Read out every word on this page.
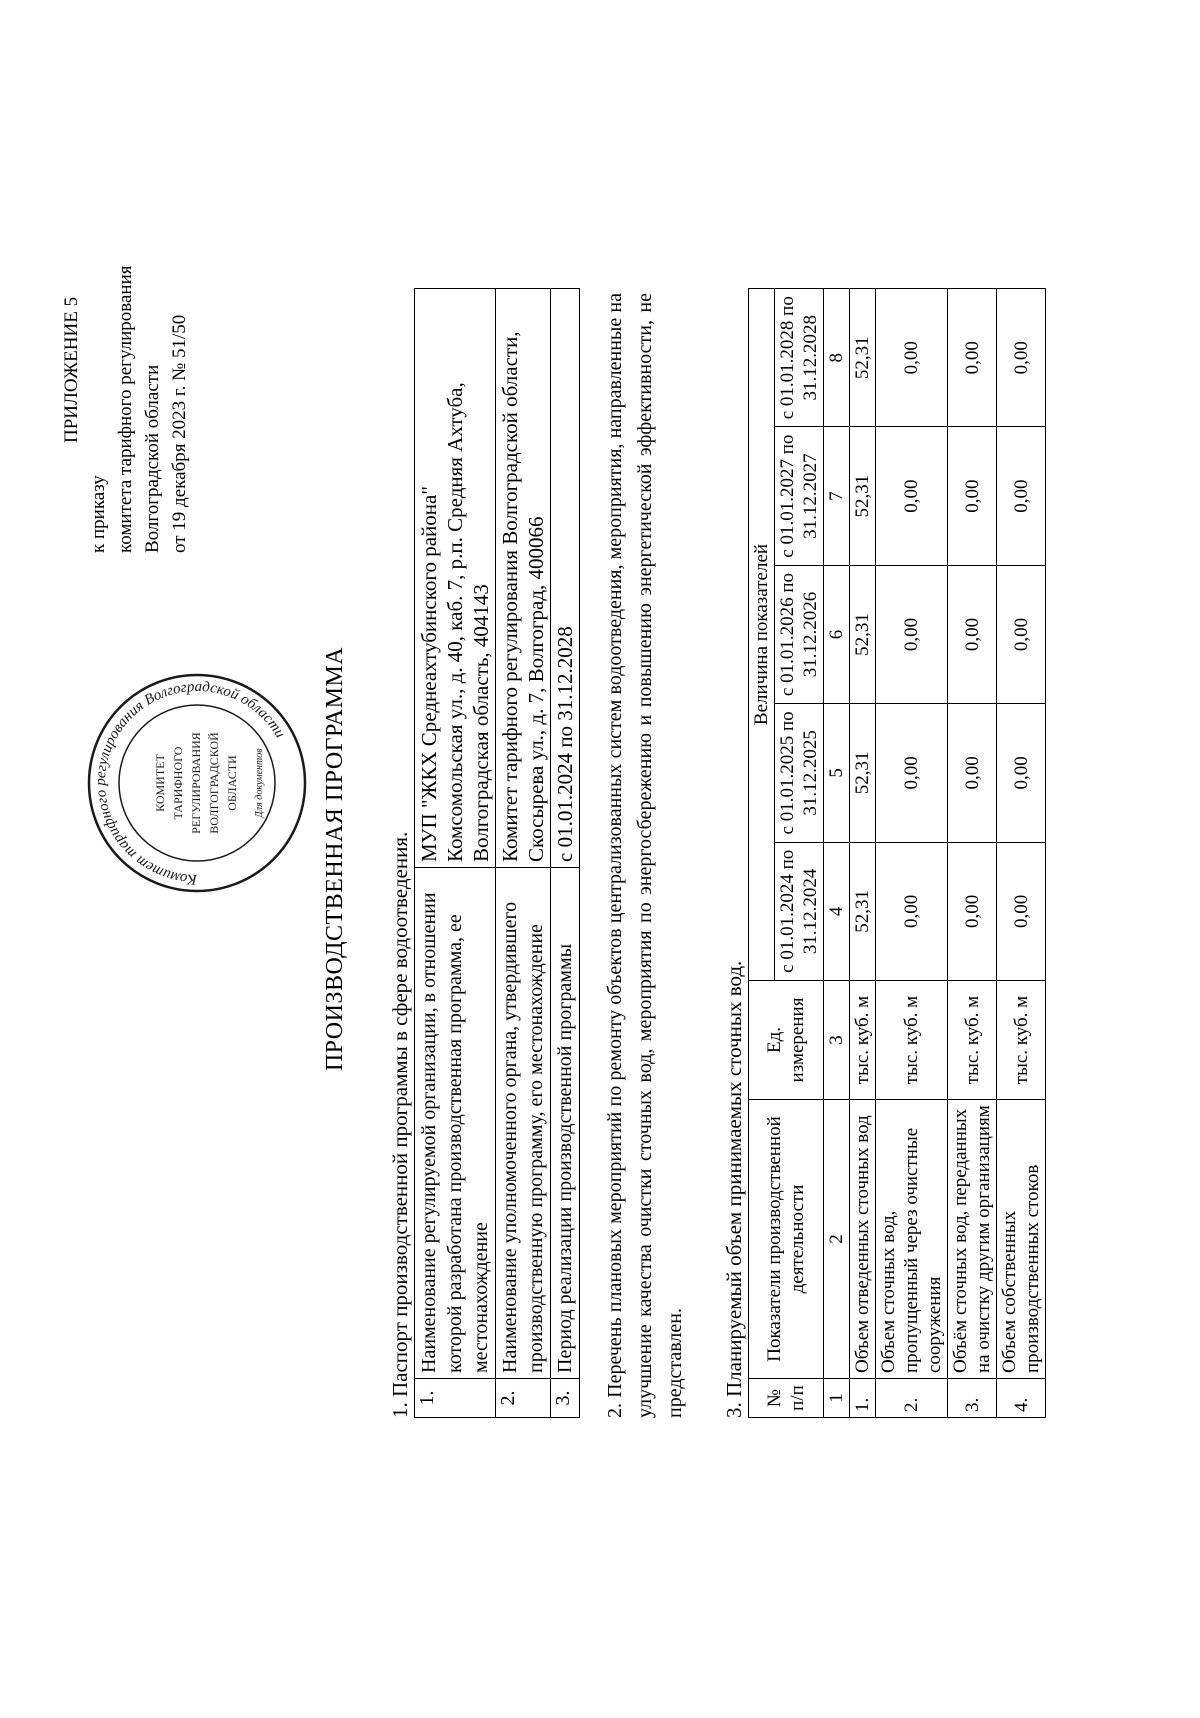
ПРИЛОЖЕНИЕ 5
к приказу комитета тарифного регулирования Волгоградской области от 19 декабря 2023 г. № 51/50
Комитет тарифного регулирования Волгоградской области
КОМИТЕТ ТАРИФНОГО РЕГУЛИРОВАНИЯ ВОЛГОГРАДСКОЙ ОБЛАСТИ Для документов ПРОИЗВОДСТВЕННАЯ ПРОГРАММА 1. Паспорт производственной программы в сфере водоотведения. 1.	Наименование регулируемой организации, в отношении которой разработана производственная программа, ее местонахождение	МУП "ЖКХ Среднеахтубинского района" Комсомольская ул., д. 40, каб. 7, р.п. Средняя Ахтуба, Волгоградская область, 404143

2.	Наименование уполномоченного органа, утвердившего производственную программу, его местонахождение	Комитет тарифного регулирования Волгоградской области, Скосырева ул., д. 7, Волгоград, 400066

3.	Период реализации производственной программы	с 01.01.2024 по 31.12.2028 2. Перечень плановых мероприятий по ремонту объектов централизованных систем водоотведения, мероприятия, направленные на улучшение качества очистки сточных вод, мероприятия по энергосбережению и повышению энергетической эффективности, не представлен. 3. Планируемый объем принимаемых сточных вод. № п/п	Показатели производственной деятельности	Ед. измерения	Величина показателей				
			с 01.01.2024 по 31.12.2024	с 01.01.2025 по 31.12.2025	с 01.01.2026 по 31.12.2026	с 01.01.2027 по 31.12.2027	с 01.01.2028 по 31.12.2028
1	2	3	4	5	6	7	8
1.	Объем отведенных сточных вод	тыс. куб. м	52,31	52,31	52,31	52,31	52,31
2.	Объем сточных вод, пропущенный через очистные сооружения	тыс. куб. м	0,00	0,00	0,00	0,00	0,00
3.	Объём сточных вод, переданных на очистку другим организациям	тыс. куб. м	0,00	0,00	0,00	0,00	0,00
4.	Объем собственных производственных стоков	тыс. куб. м	0,00	0,00	0,00	0,00	0,00
